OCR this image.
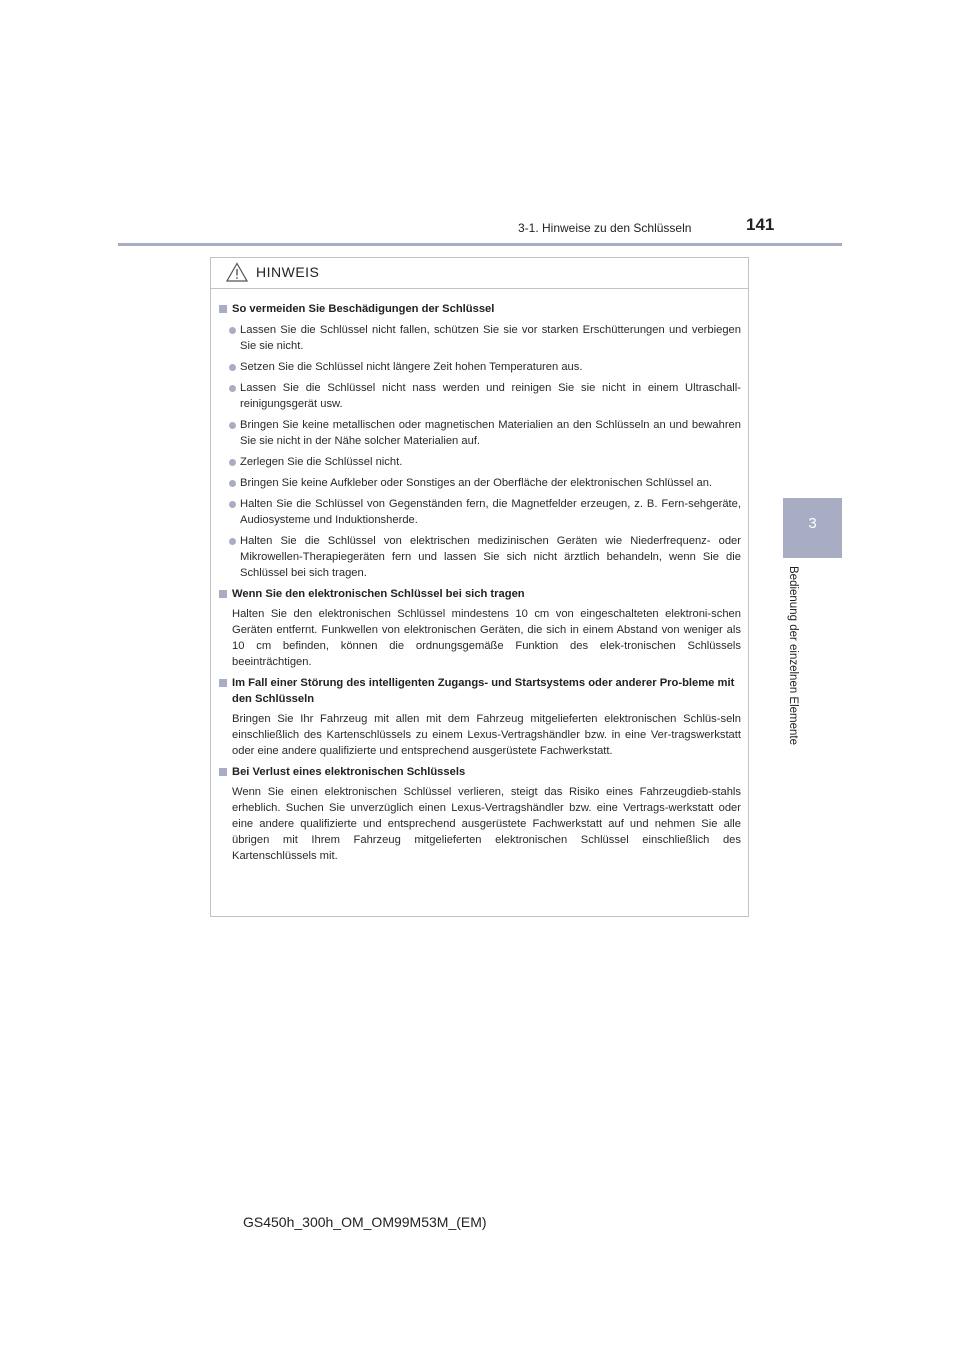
3-1. Hinweise zu den Schlüsseln	141
3
Bedienung der einzelnen Elemente
HINWEIS
So vermeiden Sie Beschädigungen der Schlüssel
Lassen Sie die Schlüssel nicht fallen, schützen Sie sie vor starken Erschütterungen und verbiegen Sie sie nicht.
Setzen Sie die Schlüssel nicht längere Zeit hohen Temperaturen aus.
Lassen Sie die Schlüssel nicht nass werden und reinigen Sie sie nicht in einem Ultraschall-reinigungsgerät usw.
Bringen Sie keine metallischen oder magnetischen Materialien an den Schlüsseln an und bewahren Sie sie nicht in der Nähe solcher Materialien auf.
Zerlegen Sie die Schlüssel nicht.
Bringen Sie keine Aufkleber oder Sonstiges an der Oberfläche der elektronischen Schlüssel an.
Halten Sie die Schlüssel von Gegenständen fern, die Magnetfelder erzeugen, z. B. Fern-sehgeräte, Audiosysteme und Induktionsherde.
Halten Sie die Schlüssel von elektrischen medizinischen Geräten wie Niederfrequenz- oder Mikrowellen-Therapiegeräten fern und lassen Sie sich nicht ärztlich behandeln, wenn Sie die Schlüssel bei sich tragen.
Wenn Sie den elektronischen Schlüssel bei sich tragen
Halten Sie den elektronischen Schlüssel mindestens 10 cm von eingeschalteten elektroni-schen Geräten entfernt. Funkwellen von elektronischen Geräten, die sich in einem Abstand von weniger als 10 cm befinden, können die ordnungsgemäße Funktion des elek-tronischen Schlüssels beeinträchtigen.
Im Fall einer Störung des intelligenten Zugangs- und Startsystems oder anderer Pro-bleme mit den Schlüsseln
Bringen Sie Ihr Fahrzeug mit allen mit dem Fahrzeug mitgelieferten elektronischen Schlüs-seln einschließlich des Kartenschlüssels zu einem Lexus-Vertragshändler bzw. in eine Ver-tragswerkstatt oder eine andere qualifizierte und entsprechend ausgerüstete Fachwerkstatt.
Bei Verlust eines elektronischen Schlüssels
Wenn Sie einen elektronischen Schlüssel verlieren, steigt das Risiko eines Fahrzeugdieb-stahls erheblich. Suchen Sie unverzüglich einen Lexus-Vertragshändler bzw. eine Vertrags-werkstatt oder eine andere qualifizierte und entsprechend ausgerüstete Fachwerkstatt auf und nehmen Sie alle übrigen mit Ihrem Fahrzeug mitgelieferten elektronischen Schlüssel einschließlich des Kartenschlüssels mit.
GS450h_300h_OM_OM99M53M_(EM)
